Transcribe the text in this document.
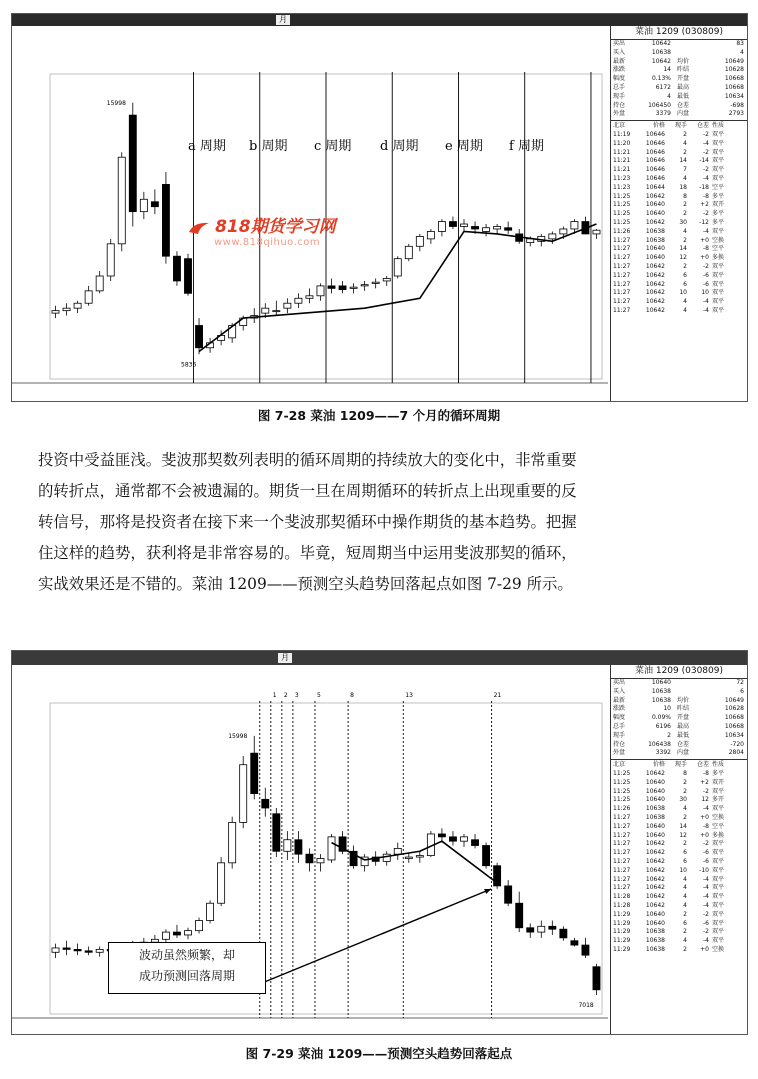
月
菜油 1209(030809)
15998
5836
a 周期 b 周期 c 周期 d 周期 e 周期 f 周期
818期货学习网
www.818qihuo.com
菜油 1209 (030809)
卖出	10642	83
买入	10638	4
最新	10642	均价	10649
涨跌	14	昨结	10628
幅度	0.13%	开盘	10668
总手	6172	最高	10668
现手	4	最低	10634
持仓	106450	仓差	-698
外盘	3379	内盘	2793
北京	价格	现手	仓差 性质
11:19	10646	2	-2 双平
11:20	10646	4	-4 双平
11:21	10646	2	-2 双平
11:21	10646	14	-14 双平
11:21	10646	7	-2 双平
11:23	10646	4	-4 双平
11:23	10644	18	-18 空平
11:25	10642	8	-8 多平
11:25	10640	2	+2 双开
11:25	10640	2	-2 多平
11:25	10642	30	-12 多平
11:26	10638	4	-4 双平
11:27	10638	2	+0 空换
11:27	10640	14	-8 空平
11:27	10640	12	+0 多换
11:27	10642	2	-2 双平
11:27	10642	6	-6 双平
11:27	10642	6	-6 双平
11:27	10642	10	10 双平
11:27	10642	4	-4 双平
11:27	10642	4	-4 双平
图 7-28 菜油 1209——7 个月的循环周期

投资中受益匪浅。斐波那契数列表明的循环周期的持续放大的变化中，非常重要

的转折点，通常都不会被遗漏的。期货一旦在周期循环的转折点上出现重要的反

转信号，那将是投资者在接下来一个斐波那契循环中操作期货的基本趋势。把握

住这样的趋势，获利将是非常容易的。毕竟，短周期当中运用斐波那契的循环，

实战效果还是不错的。菜油 1209——预测空头趋势回落起点如图 7-29 所示。

月
15998
7018
1 2 3	5	8	13	21
菜油 1209 (030809)
卖出	10640	72
买入	10638	6
最新	10638	均价	10649
涨跌	10	昨结	10628
幅度	0.09%	开盘	10668
总手	6196	最高	10668
现手	2	最低	10634
持仓	106438	仓差	-720
外盘	3392	内盘	2804
北京	价格	现手	仓差 性质
11:25	10642	8	-8 多平
11:25	10640	2	+2 双开
11:25	10640	2	-2 双平
11:25	10640	30	12 多开
11:26	10638	4	-4 双平
11:27	10638	2	+0 空换
11:27	10640	14	-8 空平
11:27	10640	12	+0 多换
11:27	10642	2	-2 双平
11:27	10642	6	-6 双平
11:27	10642	6	-6 双平
11:27	10642	10	-10 双平
11:27	10642	4	-4 双平
11:27	10642	4	-4 双平
11:28	10642	4	-4 双平
11:28	10642	4	-4 双平
11:29	10640	2	-2 双平
11:29	10640	6	-6 双平
11:29	10638	2	-2 双平
11:29	10638	4	-4 双平
11:29	10638	2	+0 空换
波动虽然频繁，却
成功预测回落周期
图 7-29 菜油 1209——预测空头趋势回落起点
